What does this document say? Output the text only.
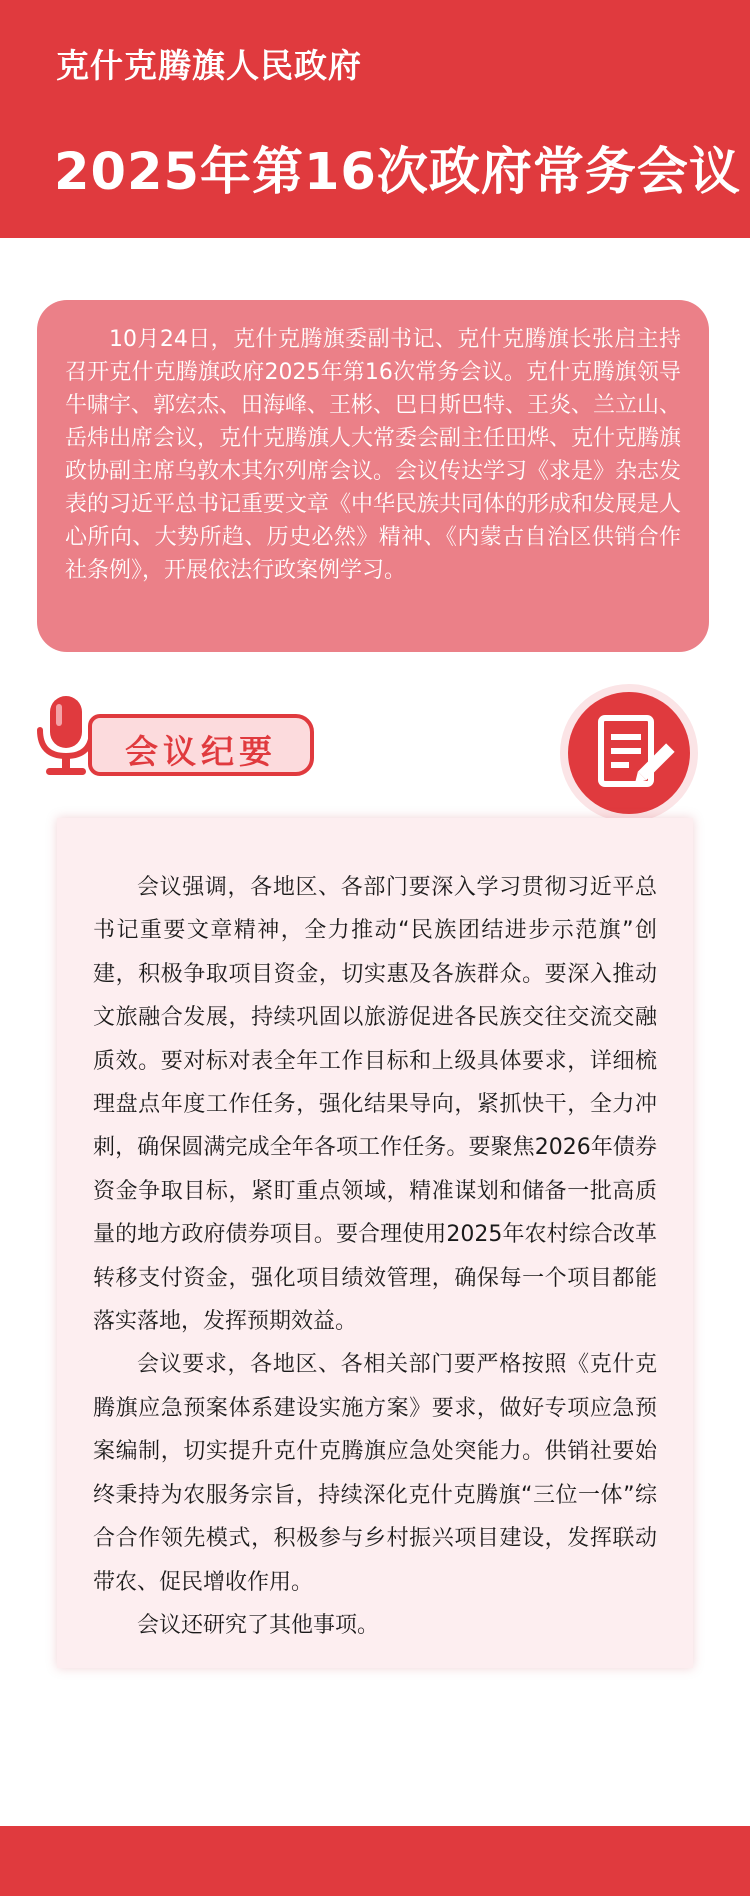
克什克腾旗人民政府
2025年第16次政府常务会议

10月24日，克什克腾旗委副书记、克什克腾旗长张启主持召开克什克腾旗政府2025年第16次常务会议。克什克腾旗领导牛啸宇、郭宏杰、田海峰、王彬、巴日斯巴特、王炎、兰立山、岳炜出席会议，克什克腾旗人大常委会副主任田烨、克什克腾旗政协副主席乌敦木其尔列席会议。会议传达学习《求是》杂志发表的习近平总书记重要文章《中华民族共同体的形成和发展是人心所向、大势所趋、历史必然》精神、《内蒙古自治区供销合作社条例》，开展依法行政案例学习。

会议纪要

会议强调，各地区、各部门要深入学习贯彻习近平总书记重要文章精神，全力推动“民族团结进步示范旗”创建，积极争取项目资金，切实惠及各族群众。要深入推动文旅融合发展，持续巩固以旅游促进各民族交往交流交融质效。要对标对表全年工作目标和上级具体要求，详细梳理盘点年度工作任务，强化结果导向，紧抓快干，全力冲刺，确保圆满完成全年各项工作任务。要聚焦2026年债券资金争取目标，紧盯重点领域，精准谋划和储备一批高质量的地方政府债券项目。要合理使用2025年农村综合改革转移支付资金，强化项目绩效管理，确保每一个项目都能落实落地，发挥预期效益。

会议要求，各地区、各相关部门要严格按照《克什克腾旗应急预案体系建设实施方案》要求，做好专项应急预案编制，切实提升克什克腾旗应急处突能力。供销社要始终秉持为农服务宗旨，持续深化克什克腾旗“三位一体”综合合作领先模式，积极参与乡村振兴项目建设，发挥联动带农、促民增收作用。

会议还研究了其他事项。
